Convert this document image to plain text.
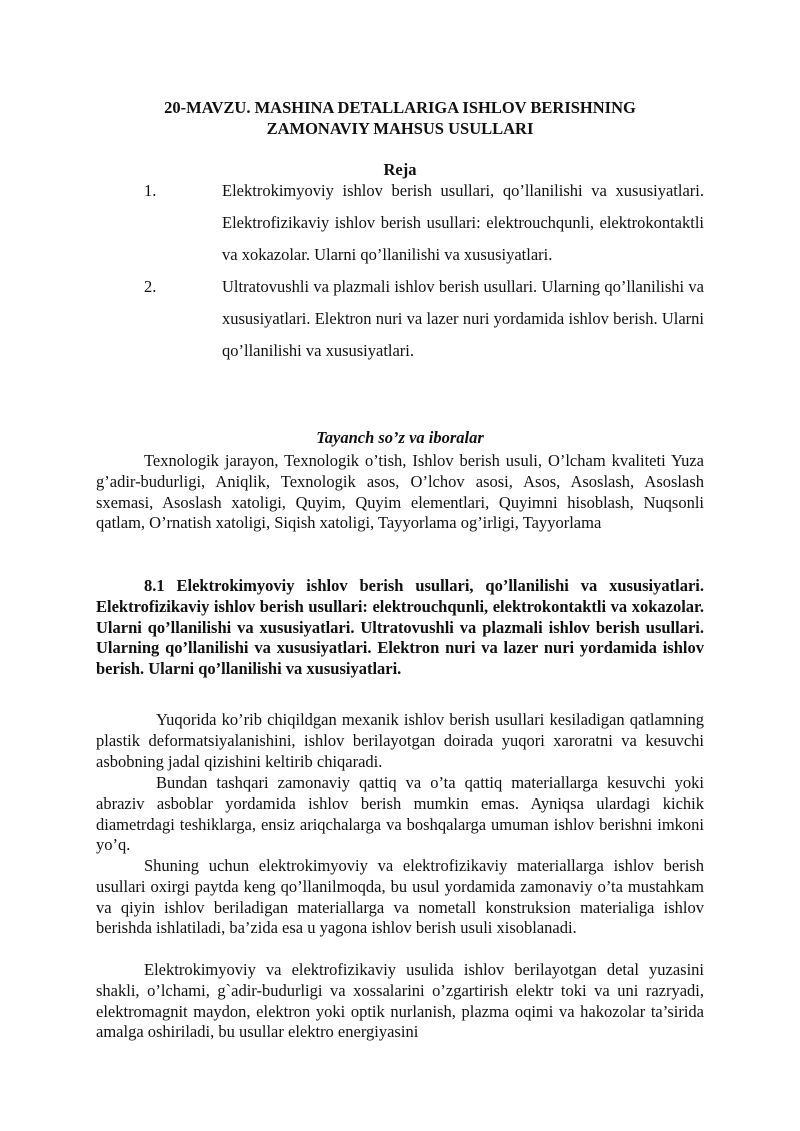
20-MAVZU. MASHINA DETALLARIGA ISHLOV BERISHNING
ZAMONAVIY MAHSUS USULLARI
Reja
1.	Elektrokimyoviy ishlov berish usullari, qo’llanilishi va xususiyatlari. Elektrofizikaviy ishlov berish usullari: elektrouchqunli, elektrokontaktli va xokazolar. Ularni qo’llanilishi va xususiyatlari.
2.	Ultratovushli va plazmali ishlov berish usullari. Ularning qo’llanilishi va xususiyatlari. Elektron nuri va lazer nuri yordamida ishlov berish. Ularni qo’llanilishi va xususiyatlari.
Tayanch so’z va iboralar

Texnologik jarayon, Texnologik o’tish, Ishlov berish usuli, O’lcham kvaliteti Yuza g’adir-budurligi, Aniqlik, Texnologik asos, O’lchov asosi, Asos, Asoslash, Asoslash sxemasi, Asoslash xatoligi, Quyim, Quyim elementlari, Quyimni hisoblash, Nuqsonli qatlam, O’rnatish xatoligi, Siqish xatoligi, Tayyorlama og’irligi, Tayyorlama

8.1 Elektrokimyoviy ishlov berish usullari, qo’llanilishi va xususiyatlari. Elektrofizikaviy ishlov berish usullari: elektrouchqunli, elektrokontaktli va xokazolar. Ularni qo’llanilishi va xususiyatlari. Ultratovushli va plazmali ishlov berish usullari. Ularning qo’llanilishi va xususiyatlari. Elektron nuri va lazer nuri yordamida ishlov berish. Ularni qo’llanilishi va xususiyatlari.

Yuqorida ko’rib chiqildgan mexanik ishlov berish usullari kesiladigan qatlamning plastik deformatsiyalanishini, ishlov berilayotgan doirada yuqori xaroratni va kesuvchi asbobning jadal qizishini keltirib chiqaradi.

Bundan tashqari zamonaviy qattiq va o’ta qattiq materiallarga kesuvchi yoki abraziv asboblar yordamida ishlov berish mumkin emas. Ayniqsa ulardagi kichik diametrdagi teshiklarga, ensiz ariqchalarga va boshqalarga umuman ishlov berishni imkoni yo’q.

Shuning uchun elektrokimyoviy va elektrofizikaviy materiallarga ishlov berish usullari oxirgi paytda keng qo’llanilmoqda, bu usul yordamida zamonaviy o’ta mustahkam va qiyin ishlov beriladigan materiallarga va nometall konstruksion materialiga ishlov berishda ishlatiladi, ba’zida esa u yagona ishlov berish usuli xisoblanadi.

Elektrokimyoviy va elektrofizikaviy usulida ishlov berilayotgan detal yuzasini shakli, o’lchami, g`adir-budurligi va xossalarini o’zgartirish elektr toki va uni razryadi, elektromagnit maydon, elektron yoki optik nurlanish, plazma oqimi va hakozolar ta’sirida amalga oshiriladi, bu usullar elektro energiyasini
